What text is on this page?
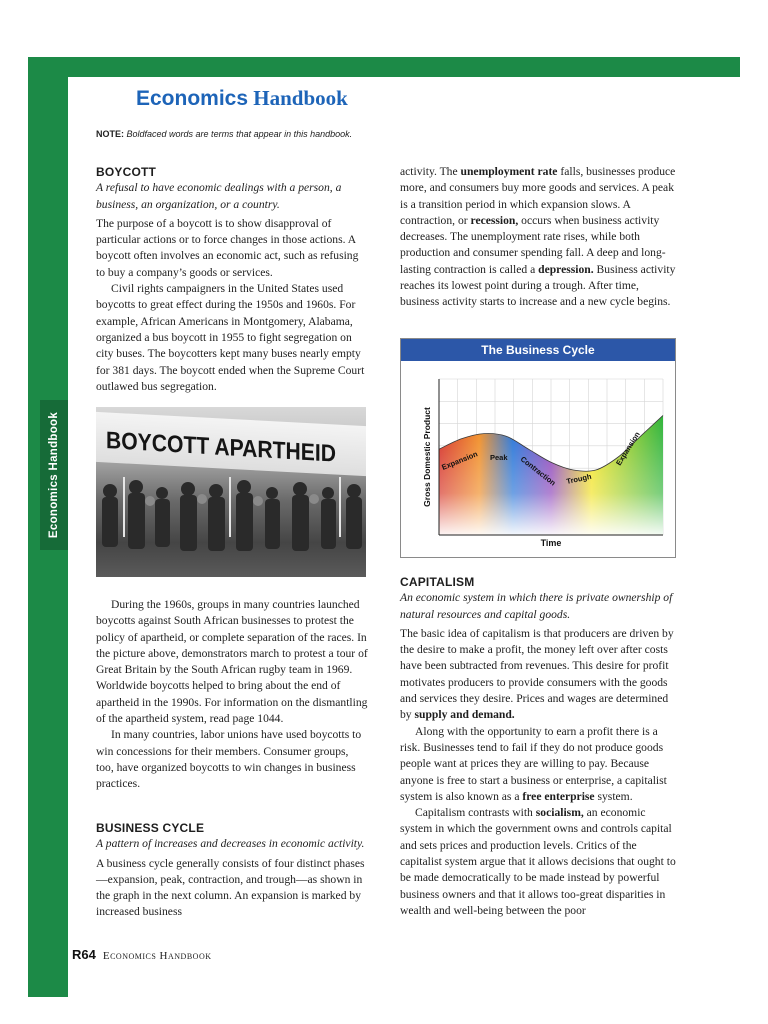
Economics Handbook
Economics Handbook
NOTE: Boldfaced words are terms that appear in this handbook.

BOYCOTT

A refusal to have economic dealings with a person, a business, an organization, or a country.

The purpose of a boycott is to show disapproval of particular actions or to force changes in those actions. A boycott often involves an economic act, such as refusing to buy a company’s goods or services.

Civil rights campaigners in the United States used boycotts to great effect during the 1950s and 1960s. For example, African Americans in Montgomery, Alabama, organized a bus boycott in 1955 to fight segregation on city buses. The boycotters kept many buses nearly empty for 381 days. The boycott ended when the Supreme Court outlawed bus segregation.

BOYCOTT APARTHEID

During the 1960s, groups in many countries launched boycotts against South African businesses to protest the policy of apartheid, or complete separation of the races. In the picture above, demonstrators march to protest a tour of Great Britain by the South African rugby team in 1969. Worldwide boycotts helped to bring about the end of apartheid in the 1990s. For information on the dismantling of the apartheid system, read page 1044.

In many countries, labor unions have used boycotts to win concessions for their members. Consumer groups, too, have organized boycotts to win changes in business practices.

BUSINESS CYCLE

A pattern of increases and decreases in economic activity.

A business cycle generally consists of four distinct phases—expansion, peak, contraction, and trough—as shown in the graph in the next column. An expansion is marked by increased business

activity. The unemployment rate falls, businesses produce more, and consumers buy more goods and services. A peak is a transition period in which expansion slows. A contraction, or recession, occurs when business activity decreases. The unemployment rate rises, while both production and consumer spending fall. A deep and long-lasting contraction is called a depression. Business activity reaches its lowest point during a trough. After time, business activity starts to increase and a new cycle begins.

The Business Cycle
Gross Domestic Product
Time
Expansion Peak Contraction Trough
Expansion

CAPITALISM

An economic system in which there is private ownership of natural resources and capital goods.

The basic idea of capitalism is that producers are driven by the desire to make a profit, the money left over after costs have been subtracted from revenues. This desire for profit motivates producers to provide consumers with the goods and services they desire. Prices and wages are determined by supply and demand.

Along with the opportunity to earn a profit there is a risk. Businesses tend to fail if they do not produce goods people want at prices they are willing to pay. Because anyone is free to start a business or enterprise, a capitalist system is also known as a free enterprise system.

Capitalism contrasts with socialism, an economic system in which the government owns and controls capital and sets prices and production levels. Critics of the capitalist system argue that it allows decisions that ought to be made democratically to be made instead by powerful business owners and that it allows too-great disparities in wealth and well-being between the poor

R64 Economics Handbook
